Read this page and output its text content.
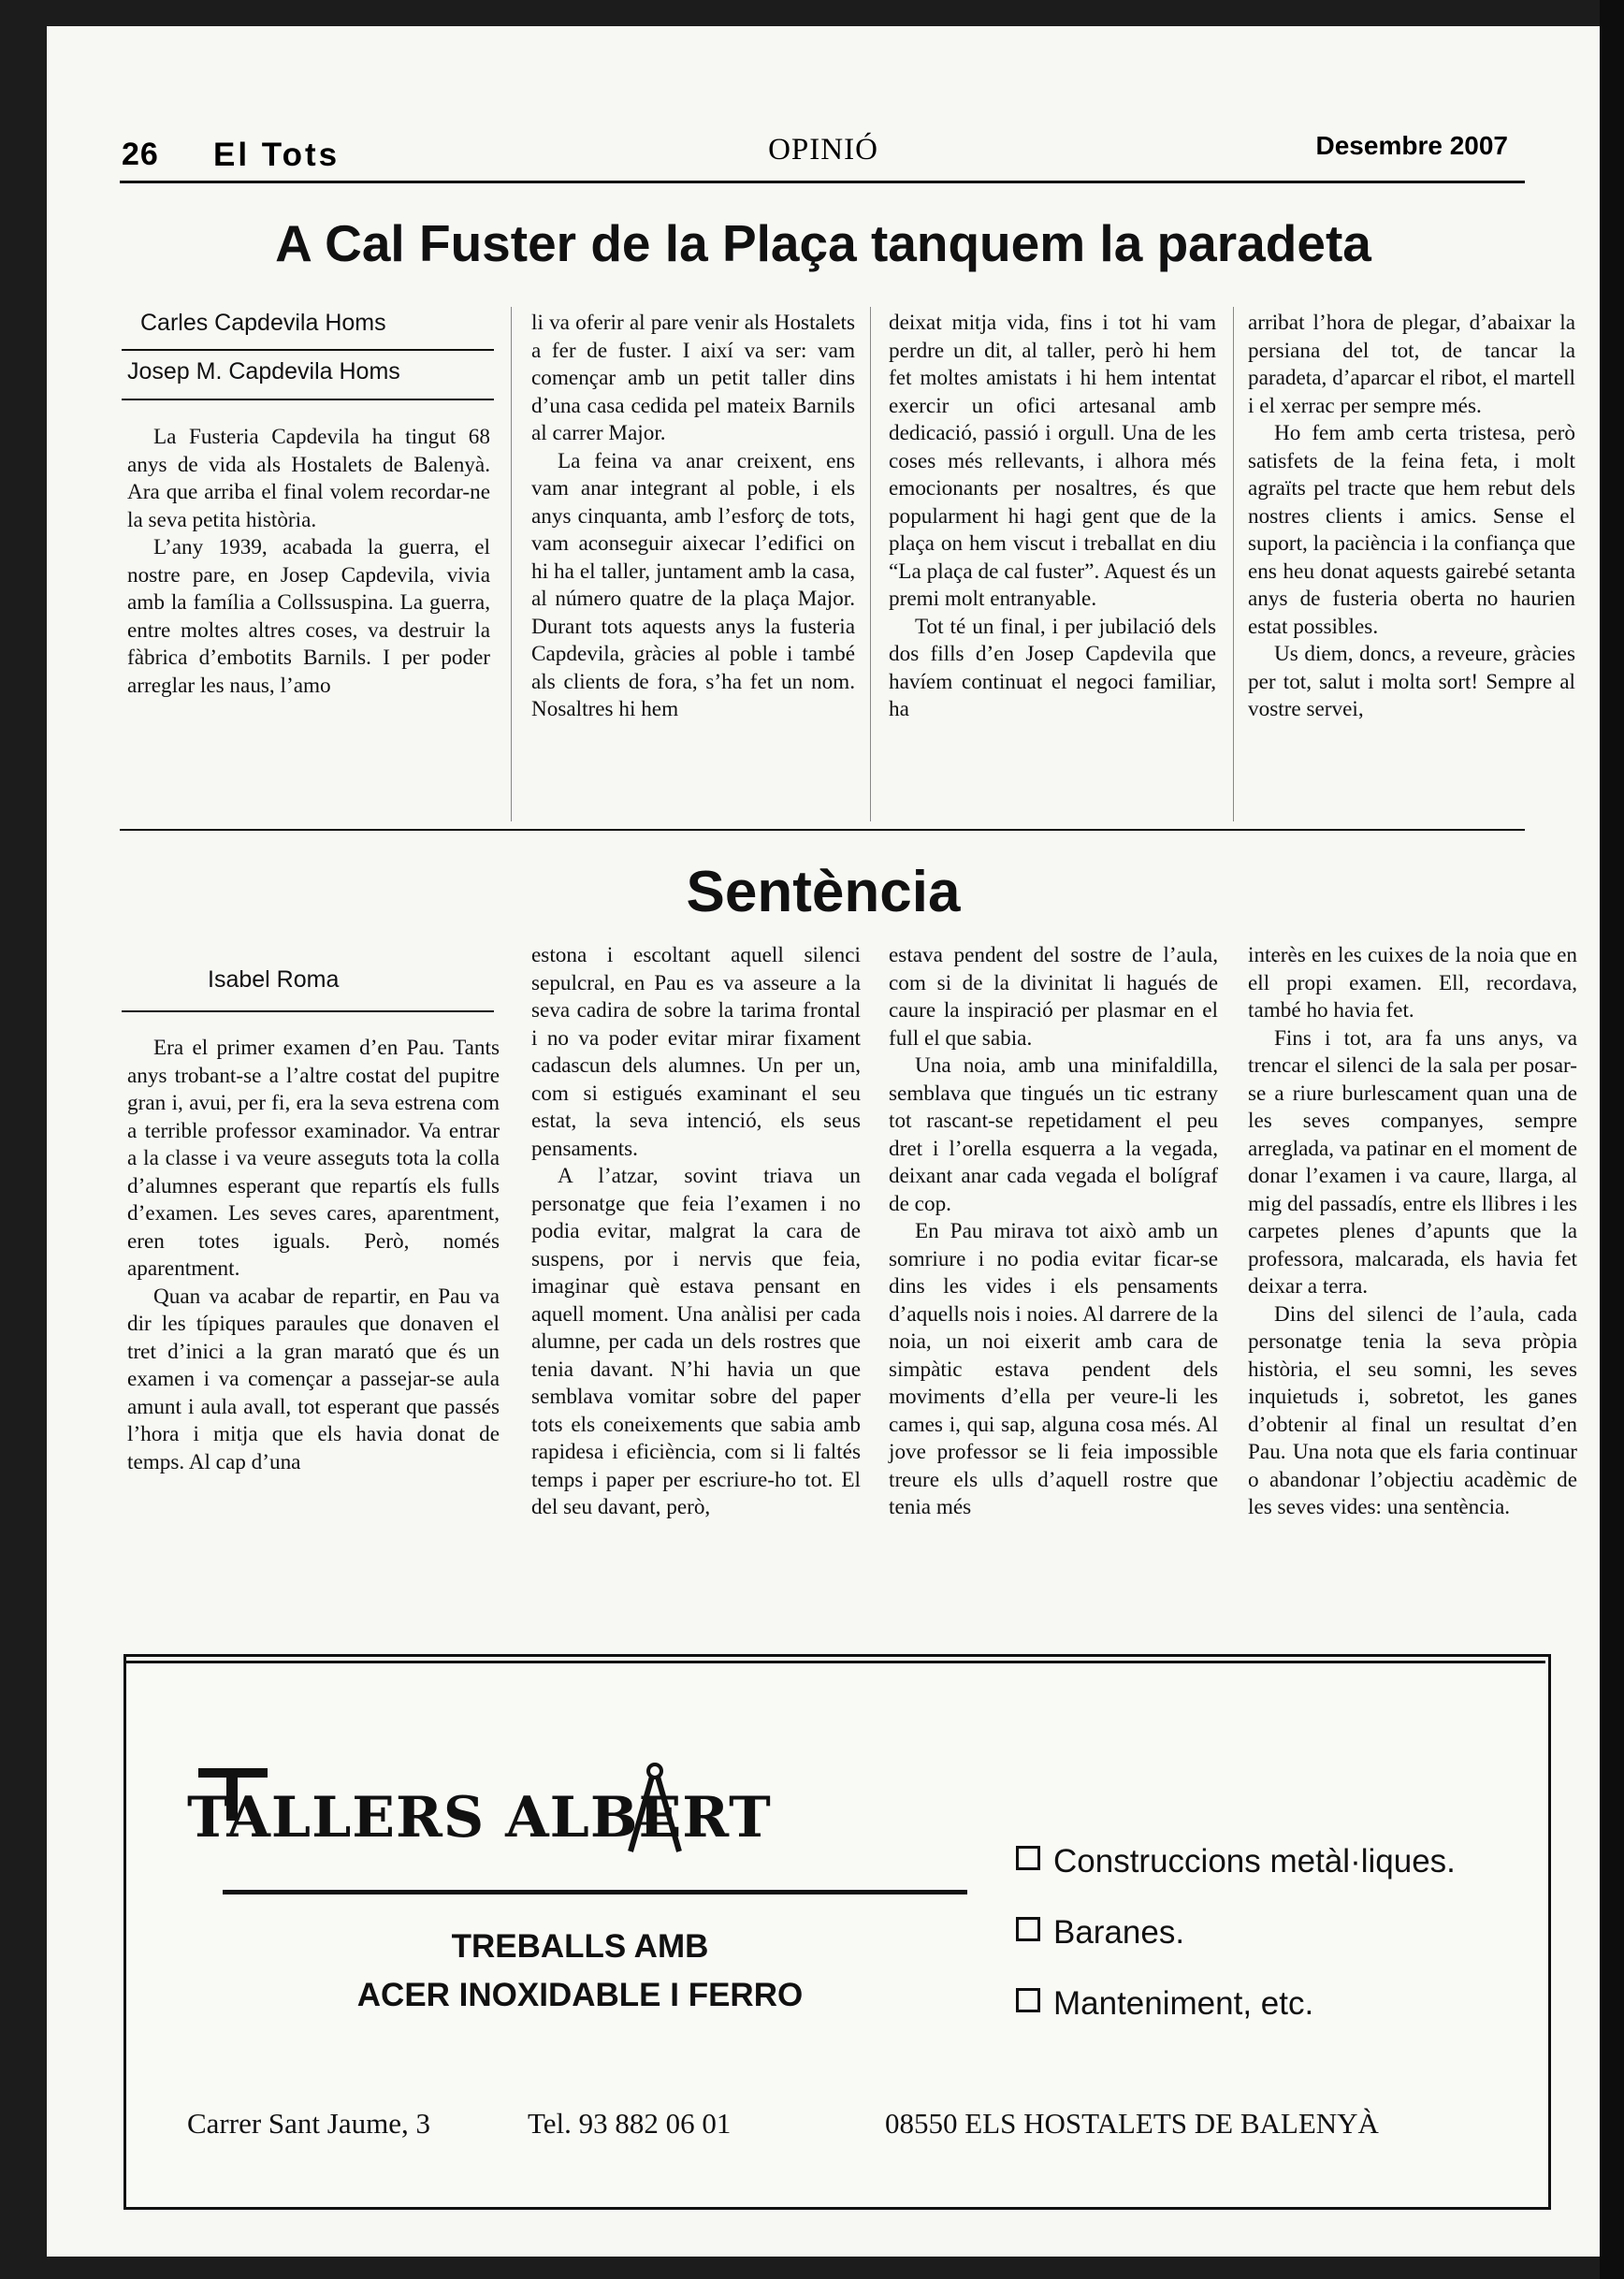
26 El Tots	OPINIÓ	Desembre 2007
A Cal Fuster de la Plaça tanquem la paradeta
Carles Capdevila Homs
Josep M. Capdevila Homs

La Fusteria Capdevila ha tingut 68 anys de vida als Hostalets de Balenyà. Ara que arriba el final volem recordar-ne la seva petita història.

L’any 1939, acabada la guerra, el nostre pare, en Josep Capdevila, vivia amb la família a Collssuspina. La guerra, entre moltes altres coses, va destruir la fàbrica d’embotits Barnils. I per poder arreglar les naus, l’amo

li va oferir al pare venir als Hostalets a fer de fuster. I així va ser: vam començar amb un petit taller dins d’una casa cedida pel mateix Barnils al carrer Major.

La feina va anar creixent, ens vam anar integrant al poble, i els anys cinquanta, amb l’esforç de tots, vam aconseguir aixecar l’edifici on hi ha el taller, juntament amb la casa, al número quatre de la plaça Major. Durant tots aquests anys la fusteria Capdevila, gràcies al poble i també als clients de fora, s’ha fet un nom. Nosaltres hi hem

deixat mitja vida, fins i tot hi vam perdre un dit, al taller, però hi hem fet moltes amistats i hi hem intentat exercir un ofici artesanal amb dedicació, passió i orgull. Una de les coses més rellevants, i alhora més emocionants per nosaltres, és que popularment hi hagi gent que de la plaça on hem viscut i treballat en diu “La plaça de cal fuster”. Aquest és un premi molt entranyable.

Tot té un final, i per jubilació dels dos fills d’en Josep Capdevila que havíem continuat el negoci familiar, ha

arribat l’hora de plegar, d’abaixar la persiana del tot, de tancar la paradeta, d’aparcar el ribot, el martell i el xerrac per sempre més.

Ho fem amb certa tristesa, però satisfets de la feina feta, i molt agraïts pel tracte que hem rebut dels nostres clients i amics. Sense el suport, la paciència i la confiança que ens heu donat aquests gairebé setanta anys de fusteria oberta no haurien estat possibles.

Us diem, doncs, a reveure, gràcies per tot, salut i molta sort! Sempre al vostre servei,

Sentència
Isabel Roma

Era el primer examen d’en Pau. Tants anys trobant-se a l’altre costat del pupitre gran i, avui, per fi, era la seva estrena com a terrible professor examinador. Va entrar a la classe i va veure asseguts tota la colla d’alumnes esperant que repartís els fulls d’examen. Les seves cares, aparentment, eren totes iguals. Però, només aparentment.

Quan va acabar de repartir, en Pau va dir les típiques paraules que donaven el tret d’inici a la gran marató que és un examen i va començar a passejar-se aula amunt i aula avall, tot esperant que passés l’hora i mitja que els havia donat de temps. Al cap d’una

estona i escoltant aquell silenci sepulcral, en Pau es va asseure a la seva cadira de sobre la tarima frontal i no va poder evitar mirar fixament cadascun dels alumnes. Un per un, com si estigués examinant el seu estat, la seva intenció, els seus pensaments.

A l’atzar, sovint triava un personatge que feia l’examen i no podia evitar, malgrat la cara de suspens, por i nervis que feia, imaginar què estava pensant en aquell moment. Una anàlisi per cada alumne, per cada un dels rostres que tenia davant. N’hi havia un que semblava vomitar sobre del paper tots els coneixements que sabia amb rapidesa i eficiència, com si li faltés temps i paper per escriure-ho tot. El del seu davant, però,

estava pendent del sostre de l’aula, com si de la divinitat li hagués de caure la inspiració per plasmar en el full el que sabia.

Una noia, amb una minifaldilla, semblava que tingués un tic estrany tot rascant-se repetidament el peu dret i l’orella esquerra a la vegada, deixant anar cada vegada el bolígraf de cop.

En Pau mirava tot això amb un somriure i no podia evitar ficar-se dins les vides i els pensaments d’aquells nois i noies. Al darrere de la noia, un noi eixerit amb cara de simpàtic estava pendent dels moviments d’ella per veure-li les cames i, qui sap, alguna cosa més. Al jove professor se li feia impossible treure els ulls d’aquell rostre que tenia més

interès en les cuixes de la noia que en ell propi examen. Ell, recordava, també ho havia fet.

Fins i tot, ara fa uns anys, va trencar el silenci de la sala per posar-se a riure burlescament quan una de les seves companyes, sempre arreglada, va patinar en el moment de donar l’examen i va caure, llarga, al mig del passadís, entre els llibres i les carpetes plenes d’apunts que la professora, malcarada, els havia fet deixar a terra.

Dins del silenci de l’aula, cada personatge tenia la seva pròpia història, el seu somni, les seves inquietuds i, sobretot, les ganes d’obtenir al final un resultat d’en Pau. Una nota que els faria continuar o abandonar l’objectiu acadèmic de les seves vides: una sentència.

TALLERS ALBERT
TREBALLS AMB
ACER INOXIDABLE I FERRO
Construccions metàl·liques.
Baranes.
Manteniment, etc.
Carrer Sant Jaume, 3	Tel. 93 882 06 01	08550 ELS HOSTALETS DE BALENYÀ
